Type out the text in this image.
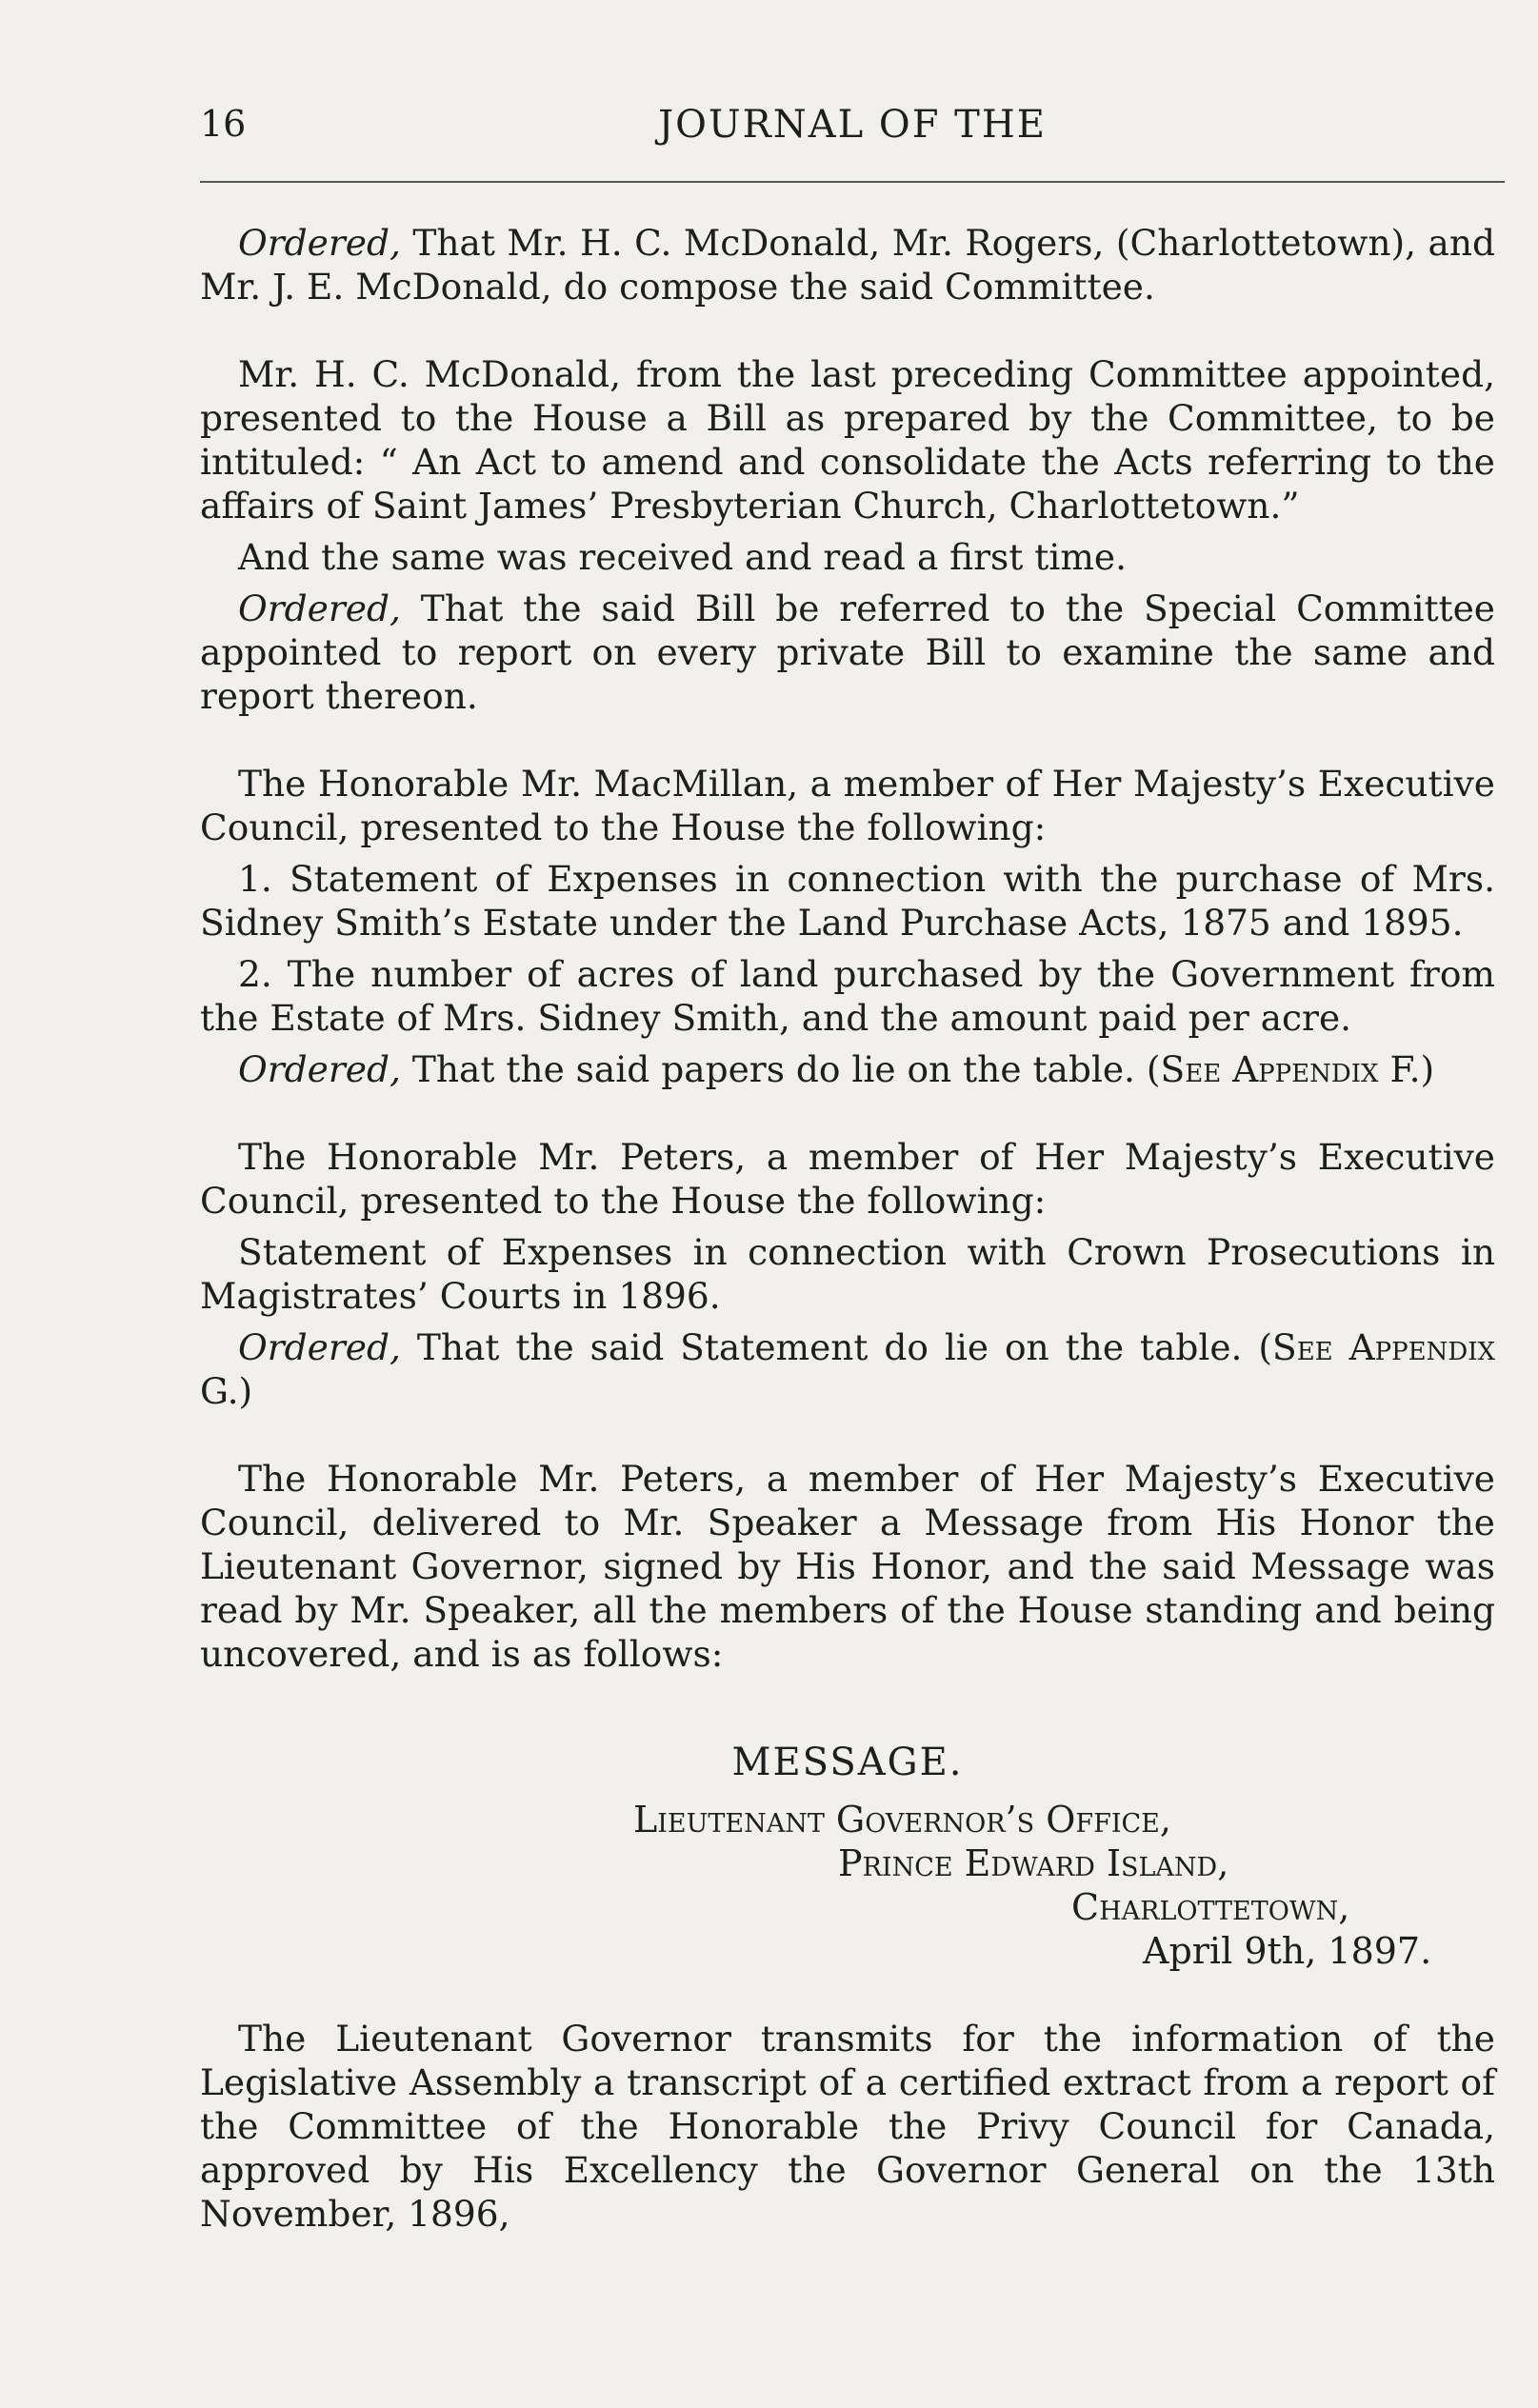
16	JOURNAL OF THE

Ordered, That Mr. H. C. McDonald, Mr. Rogers, (Charlottetown), and Mr. J. E. McDonald, do compose the said Committee.

Mr. H. C. McDonald, from the last preceding Committee appointed, presented to the House a Bill as prepared by the Committee, to be intituled: “ An Act to amend and consolidate the Acts referring to the affairs of Saint James’ Presbyterian Church, Charlottetown.”

And the same was received and read a first time.

Ordered, That the said Bill be referred to the Special Committee appointed to report on every private Bill to examine the same and report thereon.

The Honorable Mr. MacMillan, a member of Her Majesty’s Executive Council, presented to the House the following:

1. Statement of Expenses in connection with the purchase of Mrs. Sidney Smith’s Estate under the Land Purchase Acts, 1875 and 1895.

2. The number of acres of land purchased by the Government from the Estate of Mrs. Sidney Smith, and the amount paid per acre.

Ordered, That the said papers do lie on the table. (See Appendix F.)

The Honorable Mr. Peters, a member of Her Majesty’s Executive Council, presented to the House the following:

Statement of Expenses in connection with Crown Prosecutions in Magistrates’ Courts in 1896.

Ordered, That the said Statement do lie on the table. (See Appendix G.)

The Honorable Mr. Peters, a member of Her Majesty’s Executive Council, delivered to Mr. Speaker a Message from His Honor the Lieutenant Governor, signed by His Honor, and the said Message was read by Mr. Speaker, all the members of the House standing and being uncovered, and is as follows:

MESSAGE.
Lieutenant Governor’s Office,
Prince Edward Island,
Charlottetown,
April 9th, 1897.

The Lieutenant Governor transmits for the information of the Legislative Assembly a transcript of a certified extract from a report of the Committee of the Honorable the Privy Council for Canada, approved by His Excellency the Governor General on the 13th November, 1896,
